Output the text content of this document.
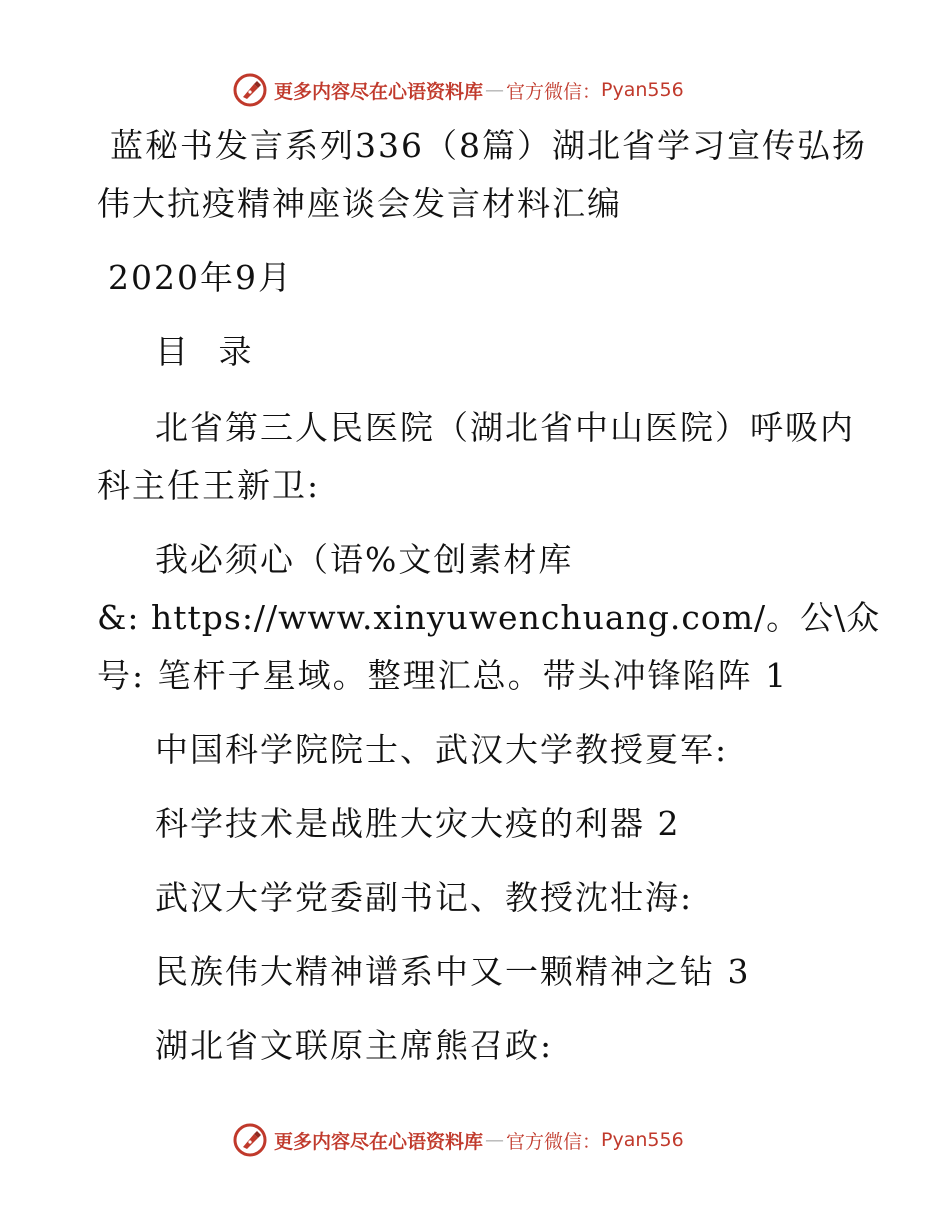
更多内容尽在心语资料库 — 官方微信： Pyan556
蓝秘书发言系列336（8篇）湖北省学习宣传弘扬
伟大抗疫精神座谈会发言材料汇编
2020年9月
目 录
北省第三人民医院（湖北省中山医院）呼吸内
科主任王新卫:
我必须心（语%文创素材库
&: https://www.xinyuwenchuang.com/。公\众
号: 笔杆子星域。整理汇总。带头冲锋陷阵 1
中国科学院院士、武汉大学教授夏军:
科学技术是战胜大灾大疫的利器 2
武汉大学党委副书记、教授沈壮海:
民族伟大精神谱系中又一颗精神之钻 3
湖北省文联原主席熊召政:
更多内容尽在心语资料库 — 官方微信： Pyan556
